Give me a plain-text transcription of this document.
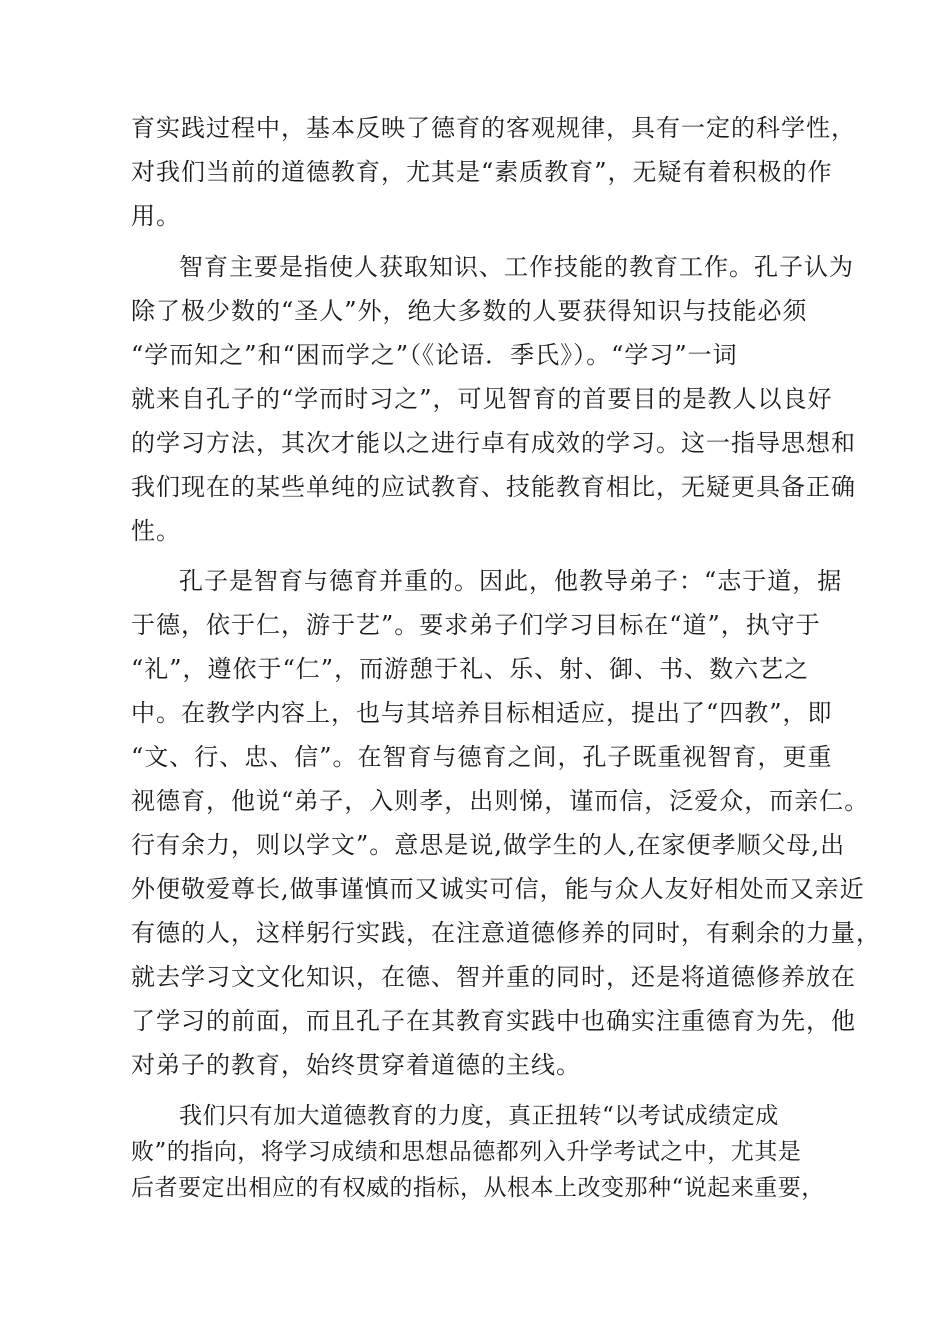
育实践过程中，基本反映了德育的客观规律，具有一定的科学性，

对我们当前的道德教育，尤其是“素质教育”，无疑有着积极的作

用。

智育主要是指使人获取知识、工作技能的教育工作。孔子认为

除了极少数的“圣人”外，绝大多数的人要获得知识与技能必须

“学而知之”和“困而学之”（《论语．季氏》）。“学习”一词

就来自孔子的“学而时习之”，可见智育的首要目的是教人以良好

的学习方法，其次才能以之进行卓有成效的学习。这一指导思想和

我们现在的某些单纯的应试教育、技能教育相比，无疑更具备正确

性。

孔子是智育与德育并重的。因此，他教导弟子：“志于道，据

于德，依于仁，游于艺”。要求弟子们学习目标在“道”，执守于

“礼”，遵依于“仁”，而游憩于礼、乐、射、御、书、数六艺之

中。在教学内容上，也与其培养目标相适应，提出了“四教”，即

“文、行、忠、信”。在智育与德育之间，孔子既重视智育，更重

视德育，他说“弟子，入则孝，出则悌，谨而信，泛爱众，而亲仁。

行有余力，则以学文”。意思是说,做学生的人,在家便孝顺父母,出

外便敬爱尊长,做事谨慎而又诚实可信，能与众人友好相处而又亲近

有德的人，这样躬行实践，在注意道德修养的同时，有剩余的力量，

就去学习文文化知识，在德、智并重的同时，还是将道德修养放在

了学习的前面，而且孔子在其教育实践中也确实注重德育为先，他

对弟子的教育，始终贯穿着道德的主线。

我们只有加大道德教育的力度，真正扭转“以考试成绩定成

败”的指向，将学习成绩和思想品德都列入升学考试之中，尤其是

后者要定出相应的有权威的指标，从根本上改变那种“说起来重要，
